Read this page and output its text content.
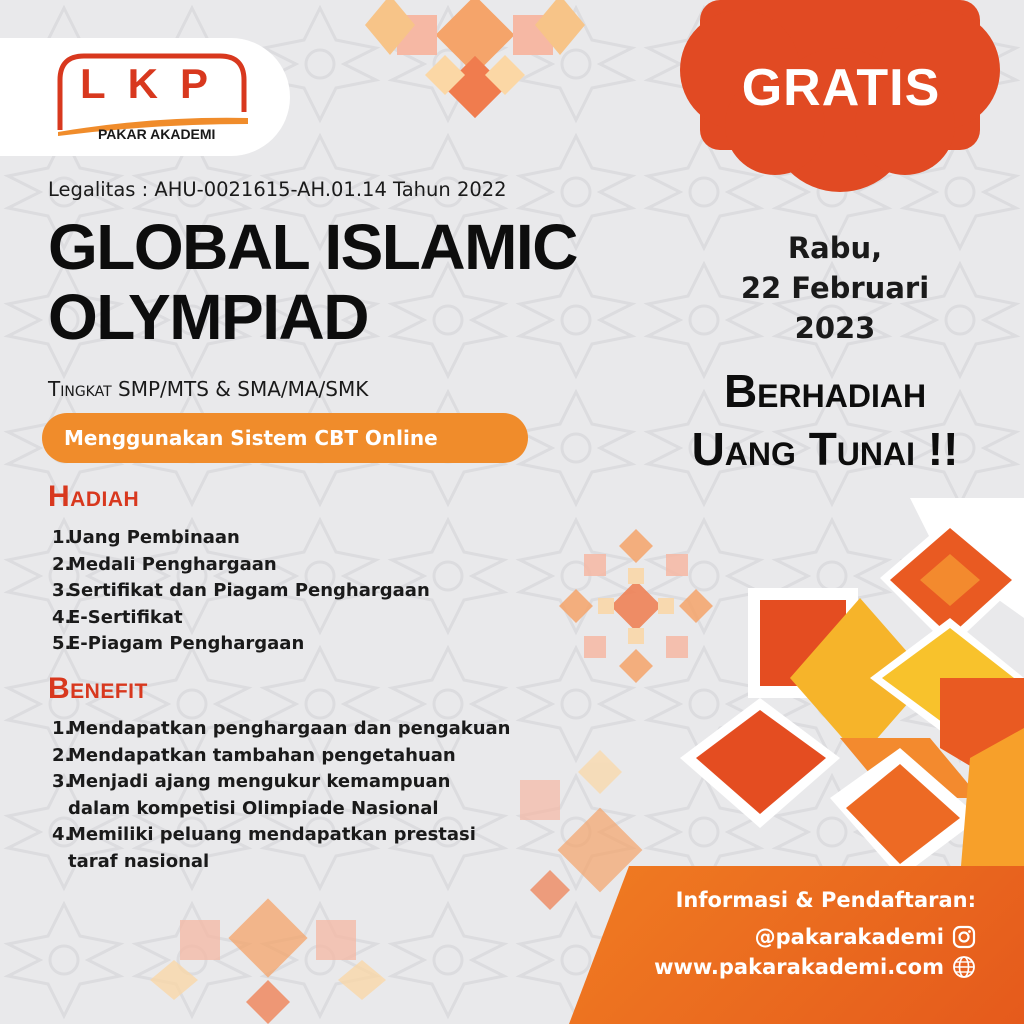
GRATIS
LKP
PAKAR AKADEMI
Legalitas : AHU-0021615-AH.01.14 Tahun 2022
GLOBAL ISLAMIC
OLYMPIAD
Tingkat SMP/MTS & SMA/MA/SMK
Menggunakan Sistem CBT Online
Hadiah
1.
Uang Pembinaan
2.
Medali Penghargaan
3.
Sertifikat dan Piagam Penghargaan
4.
E-Sertifikat
5.
E-Piagam Penghargaan
Benefit
1.
Mendapatkan penghargaan dan pengakuan
2.
Mendapatkan tambahan pengetahuan
3.
Menjadi ajang mengukur kemampuan
dalam kompetisi Olimpiade Nasional
4.
Memiliki peluang mendapatkan prestasi
taraf nasional
Rabu,
22 Februari
2023
Berhadiah
Uang Tunai !!
Informasi & Pendaftaran:
@pakarakademi
www.pakarakademi.com
